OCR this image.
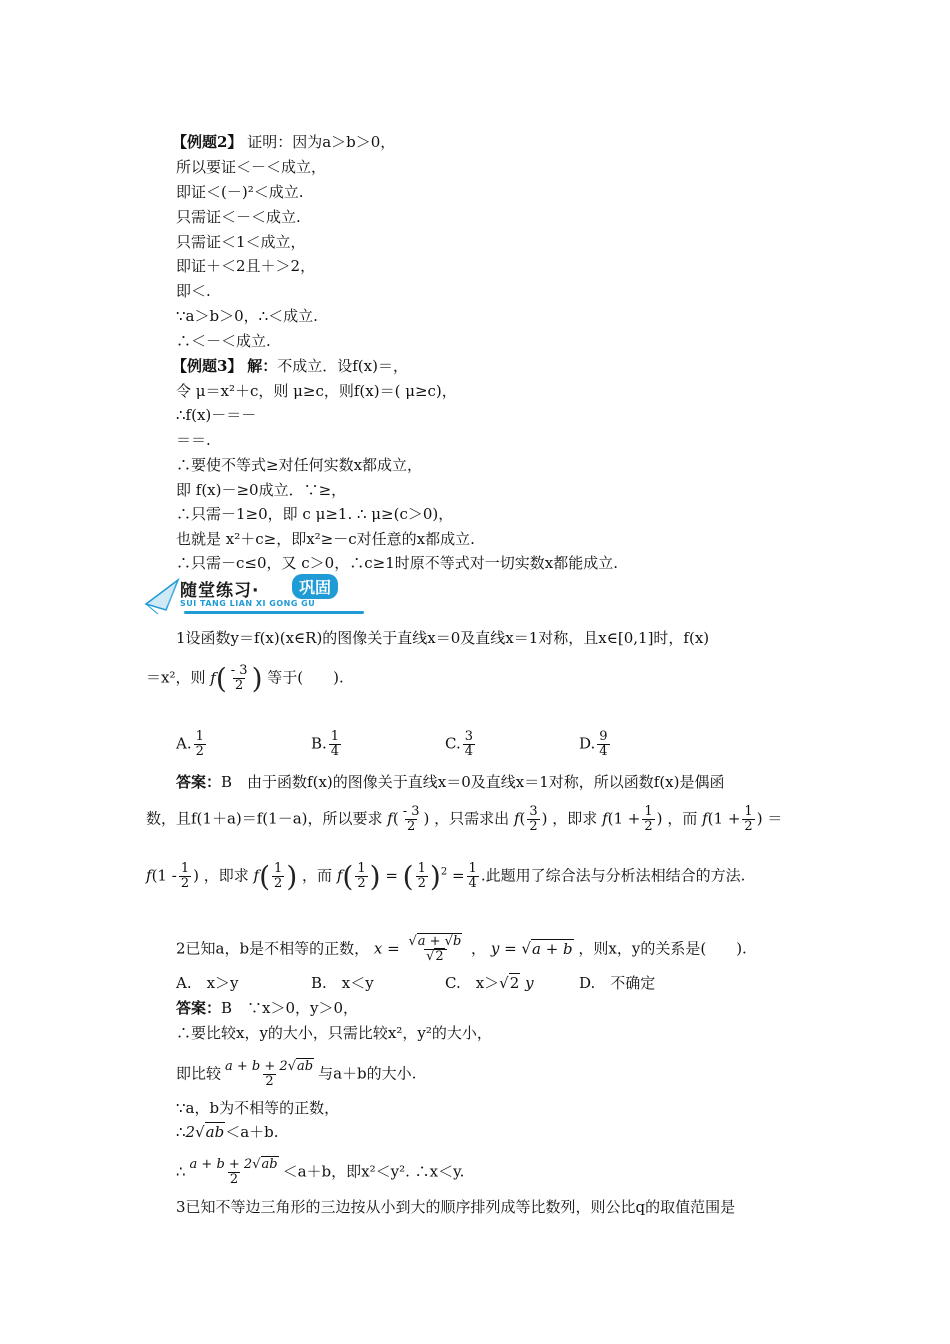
【例题2】 证明：因为a＞b＞0，
所以要证＜－＜成立，
即证＜(－)²＜成立.
只需证＜－＜成立.
只需证＜1＜成立，
即证＋＜2且＋＞2，
即＜.
∵a＞b＞0，∴＜成立.
∴＜－＜成立.
【例题3】 解：不成立．设f(x)＝，
令 μ＝x²＋c，则 μ≥c，则f(x)＝( μ≥c)，
∴f(x)－＝－
＝＝.
∴要使不等式≥对任何实数x都成立，
即 f(x)－≥0成立．∵≥，
∴只需－1≥0，即 c μ≥1. ∴ μ≥(c＞0)，
也就是 x²＋c≥，即x²≥－c对任意的x都成立.
∴只需－c≤0，又 c＞0，∴c≥1时原不等式对一切实数x都能成立.
随堂练习·	巩固
SUI TANG LIAN XI GONG GU
1设函数y＝f(x)(x∈R)的图像关于直线x＝0及直线x＝1对称，且x∈[0,1]时，f(x)
＝x²，则 $f( \frac{- 3}{2}$ ) 等于(　　).
A. $\frac{1}{2}$	B. $\frac{1}{4}$	C. $\frac{3}{4}$	D. $\frac{9}{4}$
答案：B　由于函数f(x)的图像关于直线x＝0及直线x＝1对称，所以函数f(x)是偶函
数，且f(1＋a)＝f(1－a)，所以要求 $f( \frac{- 3}{2}$ ) ，只需求出 $f( \frac{3}{2}$ ) ，即求 $f(1 + \frac{1}{2}$ ) ，而 $f(1 + \frac{1}{2}$ ) ＝
$f(1 - \frac{1}{2}$ ) ，即求 $f( \frac{1}{2}$ ) ，而 $f( \frac{1}{2}$ ) = ( $\frac{1}{2} )^2 = \frac{1}{4}$ .此题用了综合法与分析法相结合的方法.
2已知a，b是不相等的正数， $x = \frac{√a + √b}{√2}$ ， y = √a + b ，则x，y的关系是(　　).
A.　x＞y	B.　x＜y	C.　x＞√2 y	D.　不确定
答案：B　∵x＞0，y＞0，
∴要比较x，y的大小，只需比较x²，y²的大小，
即比较 $\frac{a + b + 2√ab}{2}$ 与a＋b的大小.
∵a，b为不相等的正数，
∴2√ab＜a＋b.
∴ $\frac{a + b + 2√ab}{2} <a+b$，即x²＜y². ∴x＜y.
3已知不等边三角形的三边按从小到大的顺序排列成等比数列，则公比q的取值范围是
